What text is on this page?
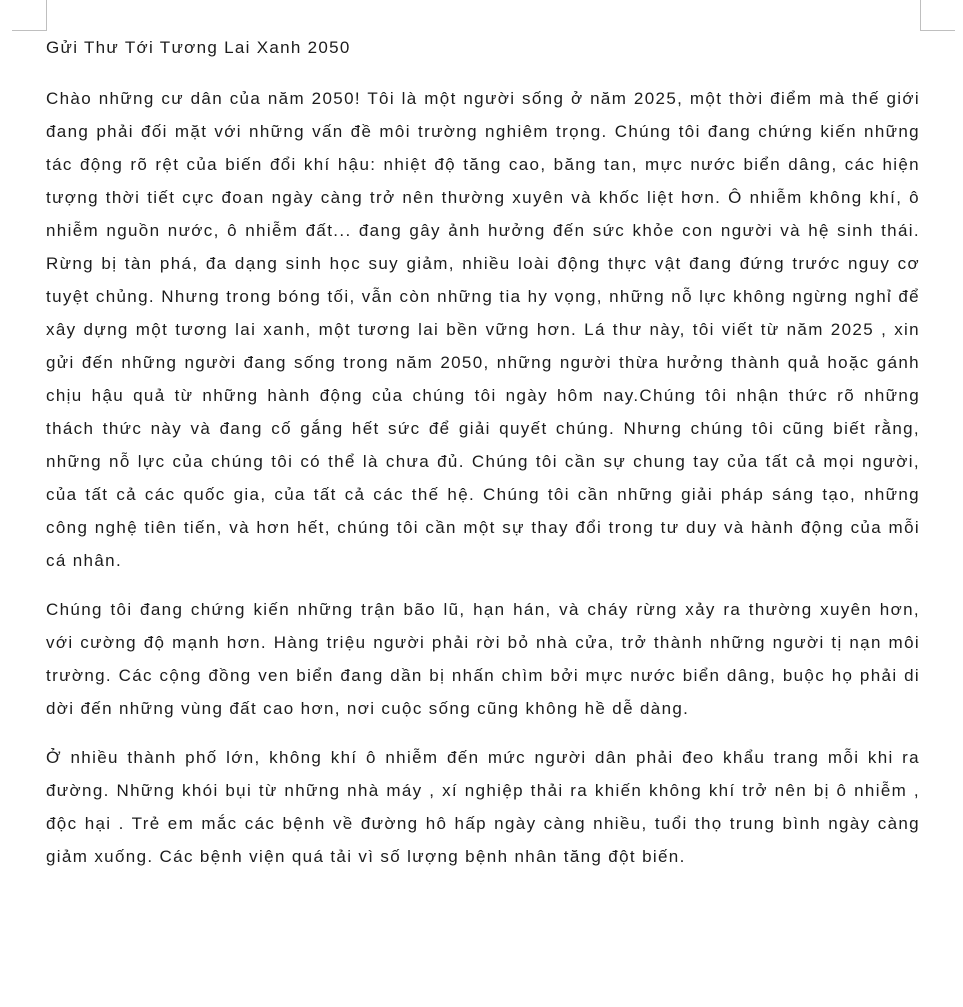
Gửi Thư Tới Tương Lai Xanh 2050

Chào những cư dân của năm 2050! Tôi là một người sống ở năm 2025, một thời điểm mà thế giới đang phải đối mặt với những vấn đề môi trường nghiêm trọng. Chúng tôi đang chứng kiến những tác động rõ rệt của biến đổi khí hậu: nhiệt độ tăng cao, băng tan, mực nước biển dâng, các hiện tượng thời tiết cực đoan ngày càng trở nên thường xuyên và khốc liệt hơn. Ô nhiễm không khí, ô nhiễm nguồn nước, ô nhiễm đất... đang gây ảnh hưởng đến sức khỏe con người và hệ sinh thái. Rừng bị tàn phá, đa dạng sinh học suy giảm, nhiều loài động thực vật đang đứng trước nguy cơ tuyệt chủng. Nhưng trong bóng tối, vẫn còn những tia hy vọng, những nỗ lực không ngừng nghỉ để xây dựng một tương lai xanh, một tương lai bền vững hơn. Lá thư này, tôi viết từ năm 2025 , xin gửi đến những người đang sống trong năm 2050, những người thừa hưởng thành quả hoặc gánh chịu hậu quả từ những hành động của chúng tôi ngày hôm nay.Chúng tôi nhận thức rõ những thách thức này và đang cố gắng hết sức để giải quyết chúng. Nhưng chúng tôi cũng biết rằng, những nỗ lực của chúng tôi có thể là chưa đủ. Chúng tôi cần sự chung tay của tất cả mọi người, của tất cả các quốc gia, của tất cả các thế hệ. Chúng tôi cần những giải pháp sáng tạo, những công nghệ tiên tiến, và hơn hết, chúng tôi cần một sự thay đổi trong tư duy và hành động của mỗi cá nhân.

Chúng tôi đang chứng kiến những trận bão lũ, hạn hán, và cháy rừng xảy ra thường xuyên hơn, với cường độ mạnh hơn. Hàng triệu người phải rời bỏ nhà cửa, trở thành những người tị nạn môi trường. Các cộng đồng ven biển đang dần bị nhấn chìm bởi mực nước biển dâng, buộc họ phải di dời đến những vùng đất cao hơn, nơi cuộc sống cũng không hề dễ dàng.

Ở nhiều thành phố lớn, không khí ô nhiễm đến mức người dân phải đeo khẩu trang mỗi khi ra đường. Những khói bụi từ những nhà máy , xí nghiệp thải ra khiến không khí trở nên bị ô nhiễm , độc hại . Trẻ em mắc các bệnh về đường hô hấp ngày càng nhiều, tuổi thọ trung bình ngày càng giảm xuống. Các bệnh viện quá tải vì số lượng bệnh nhân tăng đột biến.
